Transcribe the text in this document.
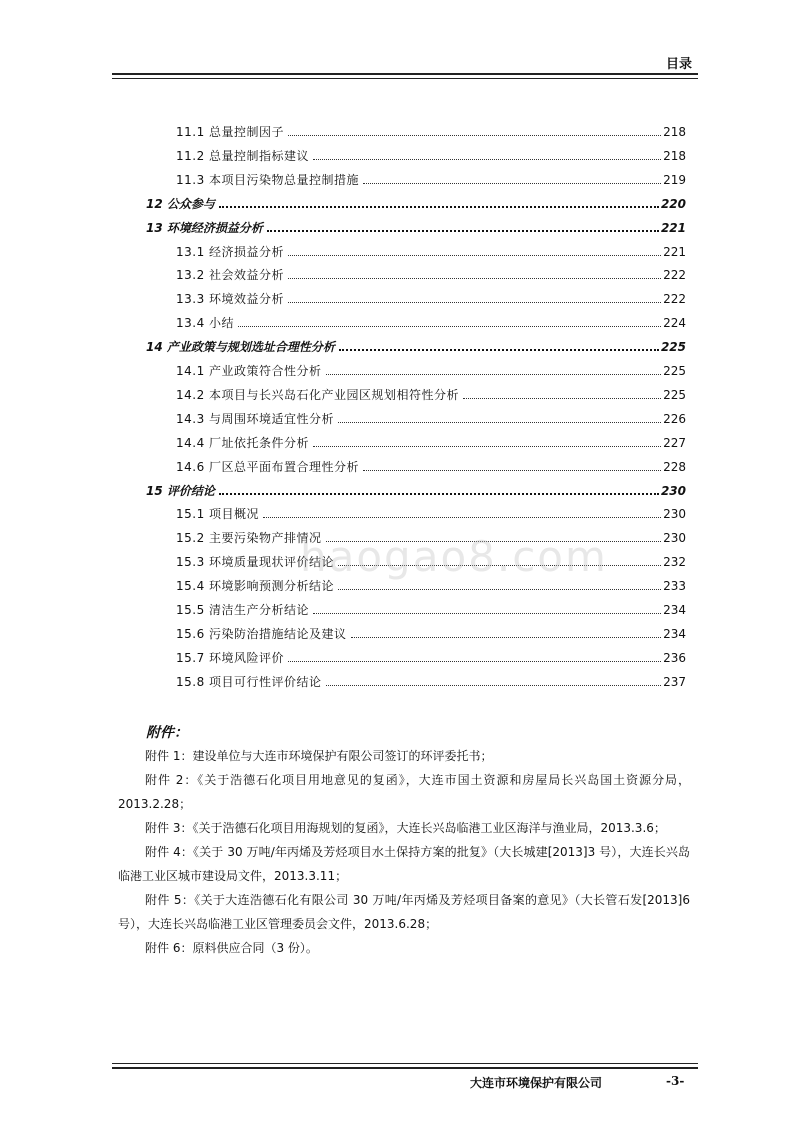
目录
11.1 总量控制因子	218
11.2 总量控制指标建议	218
11.3 本项目污染物总量控制措施	219
12 公众参与	220
13 环境经济损益分析	221
13.1 经济损益分析	221
13.2 社会效益分析	222
13.3 环境效益分析	222
13.4 小结	224
14 产业政策与规划选址合理性分析	225
14.1 产业政策符合性分析	225
14.2 本项目与长兴岛石化产业园区规划相符性分析	225
14.3 与周围环境适宜性分析	226
14.4 厂址依托条件分析	227
14.6 厂区总平面布置合理性分析	228
15 评价结论	230
15.1 项目概况	230
15.2 主要污染物产排情况	230
15.3 环境质量现状评价结论	232
15.4 环境影响预测分析结论	233
15.5 清洁生产分析结论	234
15.6 污染防治措施结论及建议	234
15.7 环境风险评价	236
15.8 项目可行性评价结论	237
haogao8.com
附件：

附件 1：建设单位与大连市环境保护有限公司签订的环评委托书；

附件 2：《关于浩德石化项目用地意见的复函》，大连市国土资源和房屋局长兴岛国土资源分局，2013.2.28；

附件 3：《关于浩德石化项目用海规划的复函》，大连长兴岛临港工业区海洋与渔业局，2013.3.6；

附件 4：《关于 30 万吨/年丙烯及芳烃项目水土保持方案的批复》（大长城建[2013]3 号），大连长兴岛临港工业区城市建设局文件，2013.3.11；

附件 5：《关于大连浩德石化有限公司 30 万吨/年丙烯及芳烃项目备案的意见》（大长管石发[2013]6 号），大连长兴岛临港工业区管理委员会文件，2013.6.28；

附件 6：原料供应合同（3 份）。

大连市环境保护有限公司	-3-
